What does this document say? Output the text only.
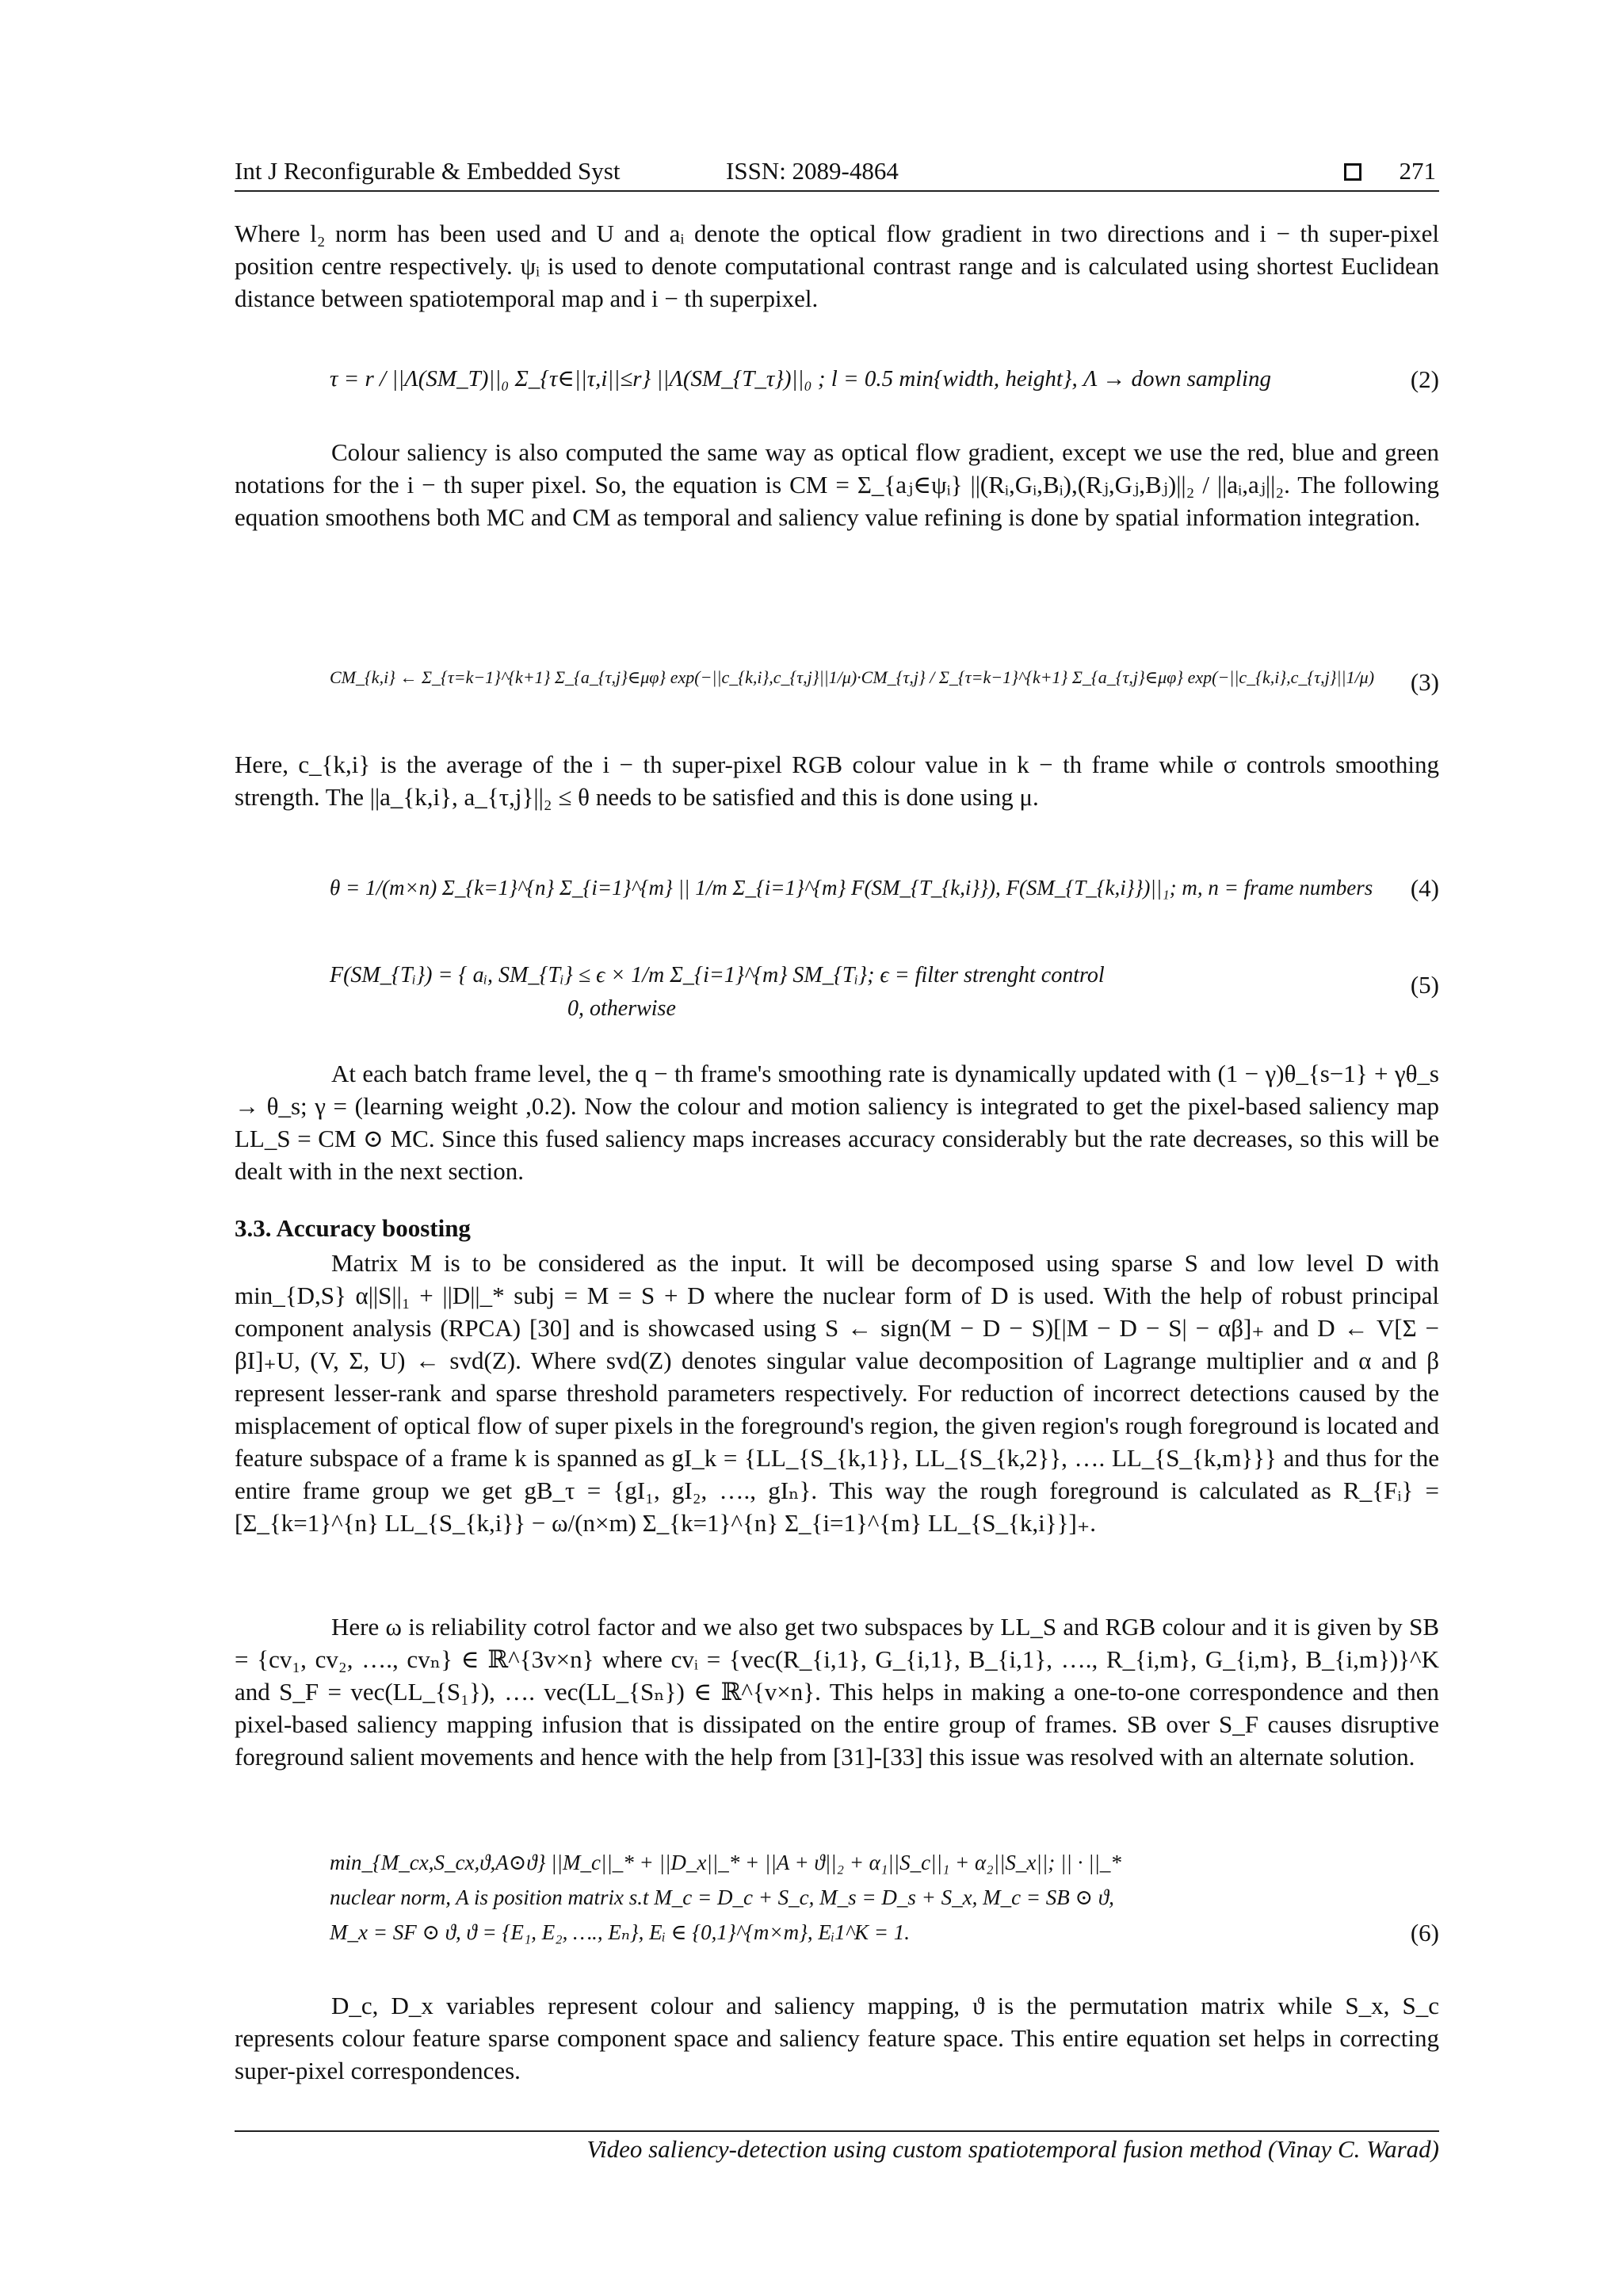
Int J Reconfigurable & Embedded Syst	ISSN: 2089-4864	271
Where l₂ norm has been used and U and aᵢ denote the optical flow gradient in two directions and i − th super-pixel position centre respectively. ψᵢ is used to denote computational contrast range and is calculated using shortest Euclidean distance between spatiotemporal map and i − th superpixel.
τ = r / ||Λ(SM_T)||₀ Σ_{τ∈||τ,i||≤r} ||Λ(SM_{T_τ})||₀ ; l = 0.5 min{width, height}, Λ → down sampling	(2)
Colour saliency is also computed the same way as optical flow gradient, except we use the red, blue and green notations for the i − th super pixel. So, the equation is CM = Σ_{aⱼ∈ψᵢ} ||(Rᵢ,Gᵢ,Bᵢ),(Rⱼ,Gⱼ,Bⱼ)||₂ / ||aᵢ,aⱼ||₂. The following equation smoothens both MC and CM as temporal and saliency value refining is done by spatial information integration.
CM_{k,i} ← Σ_{τ=k−1}^{k+1} Σ_{a_{τ,j}∈μφ} exp(−||c_{k,i},c_{τ,j}||1/μ)·CM_{τ,j} / Σ_{τ=k−1}^{k+1} Σ_{a_{τ,j}∈μφ} exp(−||c_{k,i},c_{τ,j}||1/μ) (3)
Here, c_{k,i} is the average of the i − th super-pixel RGB colour value in k − th frame while σ controls smoothing strength. The ||a_{k,i}, a_{τ,j}||₂ ≤ θ needs to be satisfied and this is done using μ.
θ = 1/(m×n) Σ_{k=1}^{n} Σ_{i=1}^{m} || 1/m Σ_{i=1}^{m} F(SM_{T_{k,i}}), F(SM_{T_{k,i}})||₁; m, n = frame numbers (4)
F(SM_{Tᵢ}) = { aᵢ, SM_{Tᵢ} ≤ ϵ × 1/m Σ_{i=1}^{m} SM_{Tᵢ}; ϵ = filter strenght control
0, otherwise
(5)
At each batch frame level, the q − th frame's smoothing rate is dynamically updated with (1 − γ)θ_{s−1} + γθ_s → θ_s; γ = (learning weight ,0.2). Now the colour and motion saliency is integrated to get the pixel-based saliency map LL_S = CM ⊙ MC. Since this fused saliency maps increases accuracy considerably but the rate decreases, so this will be dealt with in the next section.
3.3. Accuracy boosting
Matrix M is to be considered as the input. It will be decomposed using sparse S and low level D with min_{D,S} α||S||₁ + ||D||_* subj = M = S + D where the nuclear form of D is used. With the help of robust principal component analysis (RPCA) [30] and is showcased using S ← sign(M − D − S)[|M − D − S| − αβ]₊ and D ← V[Σ − βI]₊U, (V, Σ, U) ← svd(Z). Where svd(Z) denotes singular value decomposition of Lagrange multiplier and α and β represent lesser-rank and sparse threshold parameters respectively. For reduction of incorrect detections caused by the misplacement of optical flow of super pixels in the foreground's region, the given region's rough foreground is located and feature subspace of a frame k is spanned as gI_k = {LL_{S_{k,1}}, LL_{S_{k,2}}, …. LL_{S_{k,m}}} and thus for the entire frame group we get gB_τ = {gI₁, gI₂, …., gIₙ}. This way the rough foreground is calculated as R_{Fᵢ} = [Σ_{k=1}^{n} LL_{S_{k,i}} − ω/(n×m) Σ_{k=1}^{n} Σ_{i=1}^{m} LL_{S_{k,i}}]₊.
Here ω is reliability cotrol factor and we also get two subspaces by LL_S and RGB colour and it is given by SB = {cv₁, cv₂, …., cvₙ} ∈ ℝ^{3v×n} where cvᵢ = {vec(R_{i,1}, G_{i,1}, B_{i,1}, …., R_{i,m}, G_{i,m}, B_{i,m})}^K and S_F = vec(LL_{S₁}), …. vec(LL_{Sₙ}) ∈ ℝ^{v×n}. This helps in making a one-to-one correspondence and then pixel-based saliency mapping infusion that is dissipated on the entire group of frames. SB over S_F causes disruptive foreground salient movements and hence with the help from [31]-[33] this issue was resolved with an alternate solution.
min_{M_cx,S_cx,ϑ,A⊙ϑ} ||M_c||_* + ||D_x||_* + ||A + ϑ||₂ + α₁||S_c||₁ + α₂||S_x||; || · ||_*
nuclear norm, A is position matrix s.t M_c = D_c + S_c, M_s = D_s + S_x, M_c = SB ⊙ ϑ,
M_x = SF ⊙ ϑ, ϑ = {E₁, E₂, …., Eₙ}, Eᵢ ∈ {0,1}^{m×m}, Eᵢ1^K = 1.	(6)
D_c, D_x variables represent colour and saliency mapping, ϑ is the permutation matrix while S_x, S_c represents colour feature sparse component space and saliency feature space. This entire equation set helps in correcting super-pixel correspondences.
Video saliency-detection using custom spatiotemporal fusion method (Vinay C. Warad)
